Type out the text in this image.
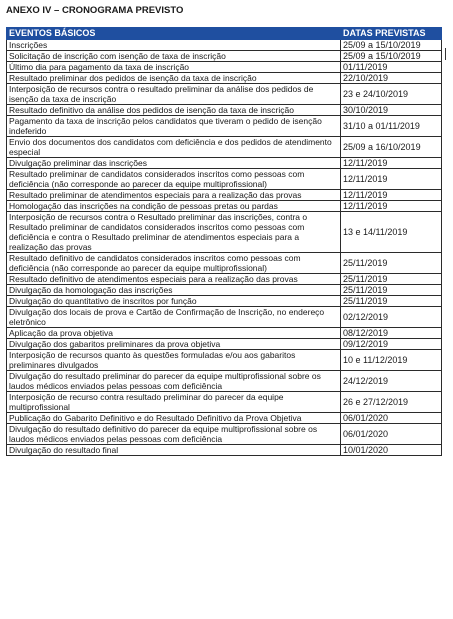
ANEXO IV – CRONOGRAMA PREVISTO
EVENTOS BÁSICOS	DATAS PREVISTAS
Inscrições	25/09 a 15/10/2019
Solicitação de inscrição com isenção de taxa de inscrição	25/09 a 15/10/2019
Último dia para pagamento da taxa de inscrição	01/11/2019
Resultado preliminar dos pedidos de isenção da taxa de inscrição	22/10/2019
Interposição de recursos contra o resultado preliminar da análise dos pedidos de isenção da taxa de inscrição	23 e 24/10/2019
Resultado definitivo da análise dos pedidos de isenção da taxa de inscrição	30/10/2019
Pagamento da taxa de inscrição pelos candidatos que tiveram o pedido de isenção indeferido	31/10 a 01/11/2019
Envio dos documentos dos candidatos com deficiência e dos pedidos de atendimento especial	25/09 a 16/10/2019
Divulgação preliminar das inscrições	12/11/2019
Resultado preliminar de candidatos considerados inscritos como pessoas com deficiência (não corresponde ao parecer da equipe multiprofissional)	12/11/2019
Resultado preliminar de atendimentos especiais para a realização das provas	12/11/2019
Homologação das inscrições na condição de pessoas pretas ou pardas	12/11/2019
Interposição de recursos contra o Resultado preliminar das inscrições, contra o Resultado preliminar de candidatos considerados inscritos como pessoas com deficiência e contra o Resultado preliminar de atendimentos especiais para a realização das provas	13 e 14/11/2019
Resultado definitivo de candidatos considerados inscritos como pessoas com deficiência (não corresponde ao parecer da equipe multiprofissional)	25/11/2019
Resultado definitivo de atendimentos especiais para a realização das provas	25/11/2019
Divulgação da homologação das inscrições	25/11/2019
Divulgação do quantitativo de inscritos por função	25/11/2019
Divulgação dos locais de prova e Cartão de Confirmação de Inscrição, no endereço eletrônico	02/12/2019
Aplicação da prova objetiva	08/12/2019
Divulgação dos gabaritos preliminares da prova objetiva	09/12/2019
Interposição de recursos quanto às questões formuladas e/ou aos gabaritos preliminares divulgados	10 e 11/12/2019
Divulgação do resultado preliminar do parecer da equipe multiprofissional sobre os laudos médicos enviados pelas pessoas com deficiência	24/12/2019
Interposição de recurso contra resultado preliminar do parecer da equipe multiprofissional	26 e 27/12/2019
Publicação do Gabarito Definitivo e do Resultado Definitivo da Prova Objetiva	06/01/2020
Divulgação do resultado definitivo do parecer da equipe multiprofissional sobre os laudos médicos enviados pelas pessoas com deficiência	06/01/2020
Divulgação do resultado final	10/01/2020
